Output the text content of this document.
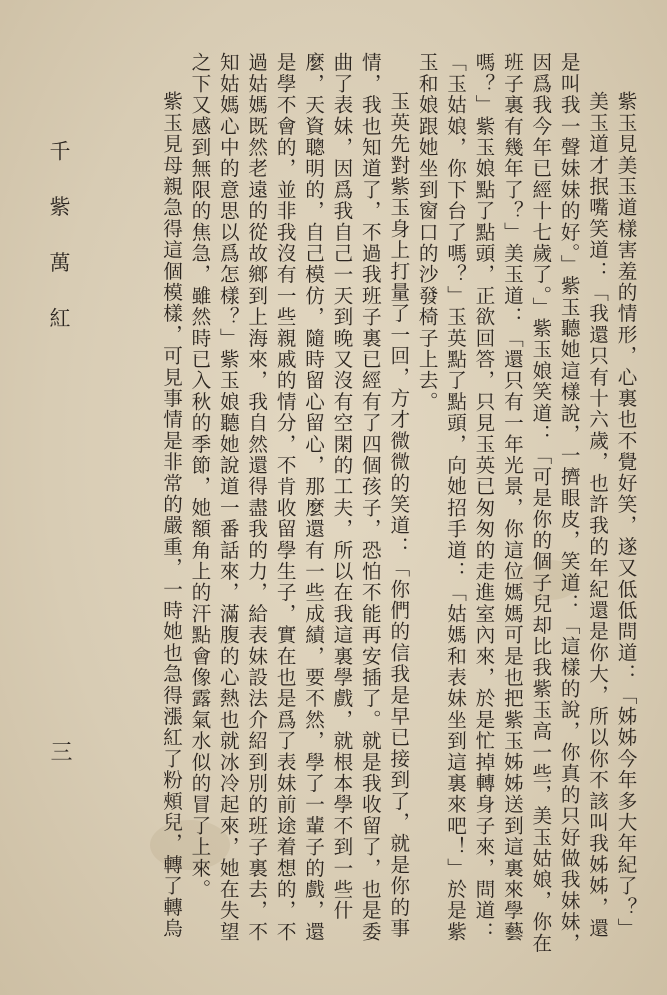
紫玉見美玉道樣害羞的情形，心裏也不覺好笑，遂又低低問道：「姊姊今年多大年紀了？」

美玉道才抿嘴笑道：「我還只有十六歲，也許我的年紀還是你大，所以你不該叫我姊姊，還是叫我一聲妹妹的好。」紫玉聽她這樣說，一擠眼皮，笑道：「這樣的說，你真的只好做我妹妹，因爲我今年已經十七歲了。」紫玉娘笑道：「可是你的個子兒却比我紫玉高一些，美玉姑娘，你在班子裏有幾年了？」美玉道：「還只有一年光景，你這位媽媽可是也把紫玉姊姊送到這裏來學藝嗎？」紫玉娘點了點頭，正欲回答，只見玉英已匆匆的走進室內來，於是忙掉轉身子來，問道：「玉姑娘，你下台了嗎？」玉英點了點頭，向她招手道：「姑媽和表妹坐到這裏來吧！」於是紫玉和娘跟她坐到窗口的沙發椅子上去。

玉英先對紫玉身上打量了一回，方才微微的笑道：「你們的信我是早已接到了，就是你的事情，我也知道了，不過我班子裏已經有了四個孩子，恐怕不能再安插了。就是我收留了，也是委曲了表妹，因爲我自己一天到晚又沒有空閑的工夫，所以在我這裏學戲，就根本學不到一些什麼，天資聰明的，自己模仿，隨時留心留心，那麼還有一些成績，要不然，學了一輩子的戲，還是學不會的，並非我沒有一些親戚的情分，不肯收留學生子，實在也是爲了表妹前途着想的，不過姑媽既然老遠的從故鄉到上海來，我自然還得盡我的力，給表妹設法介紹到別的班子裏去，不知姑媽心中的意思以爲怎樣？」紫玉娘聽她說道一番話來，滿腹的心熱也就冰冷起來，她在失望之下又感到無限的焦急，雖然時已入秋的季節，她額角上的汗點會像露氣水似的冒了上來。

紫玉見母親急得這個模樣，可見事情是非常的嚴重，一時她也急得漲紅了粉頰兒，轉了轉烏

千 紫 萬 紅
三
